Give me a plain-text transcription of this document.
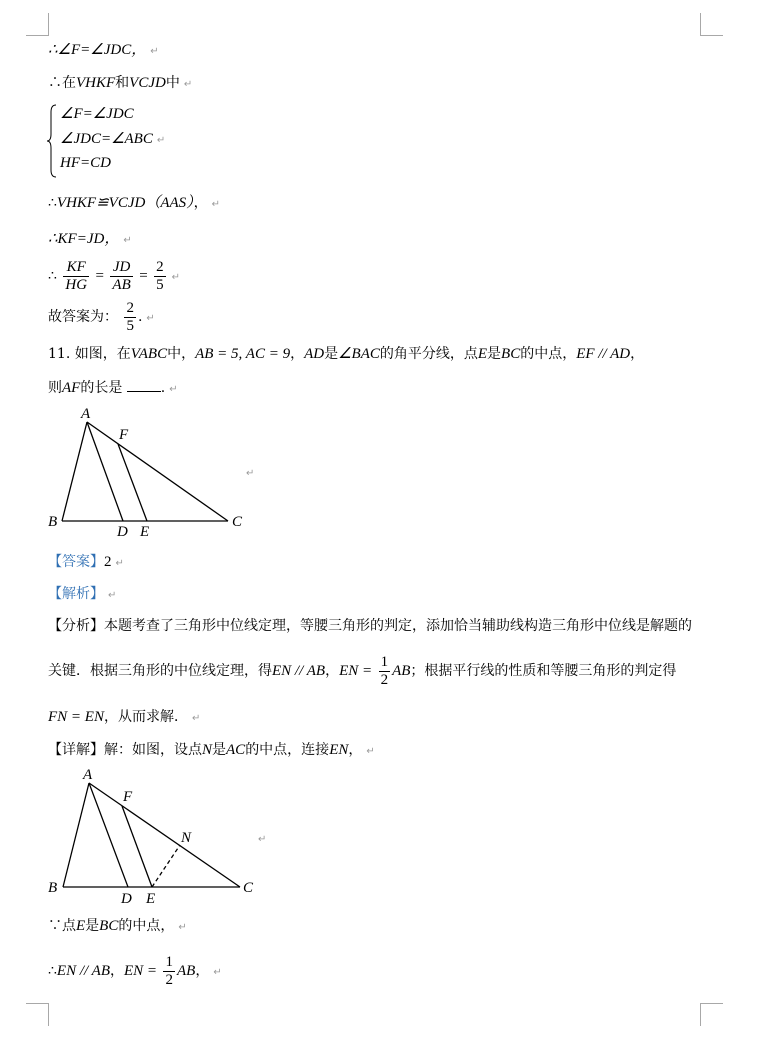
∴∠F=∠JDC， ↵
∴在VHKF和VCJD中 ↵
∠F=∠JDC
∠JDC=∠ABC ↵
HF=CD
∴VHKF≌VCJD（AAS）， ↵
∴KF=JD， ↵
∴ $\frac{KF}{HG} = \frac{JD}{AB} = \frac{2}{5}$ ↵
故答案为： $\frac{2}{5}$ . ↵
11. 如图，在VABC中，AB = 5, AC = 9，AD是∠BAC的角平分线，点E是BC的中点，EF // AD，
则AF的长是	. ↵
A
B	C
D E
F
↵
【答案】2 ↵
【解析】 ↵
【分析】本题考查了三角形中位线定理，等腰三角形的判定，添加恰当辅助线构造三角形中位线是解题的
关键．根据三角形的中位线定理，得EN // AB，EN = $\frac{1}{2}$ AB；根据平行线的性质和等腰三角形的判定得
FN = EN，从而求解． ↵
【详解】解：如图，设点N是AC的中点，连接EN， ↵
A
B	C
D E
F
N	↵
∵点E是BC的中点， ↵
∴EN // AB，EN = $\frac{1}{2}$ AB， ↵
